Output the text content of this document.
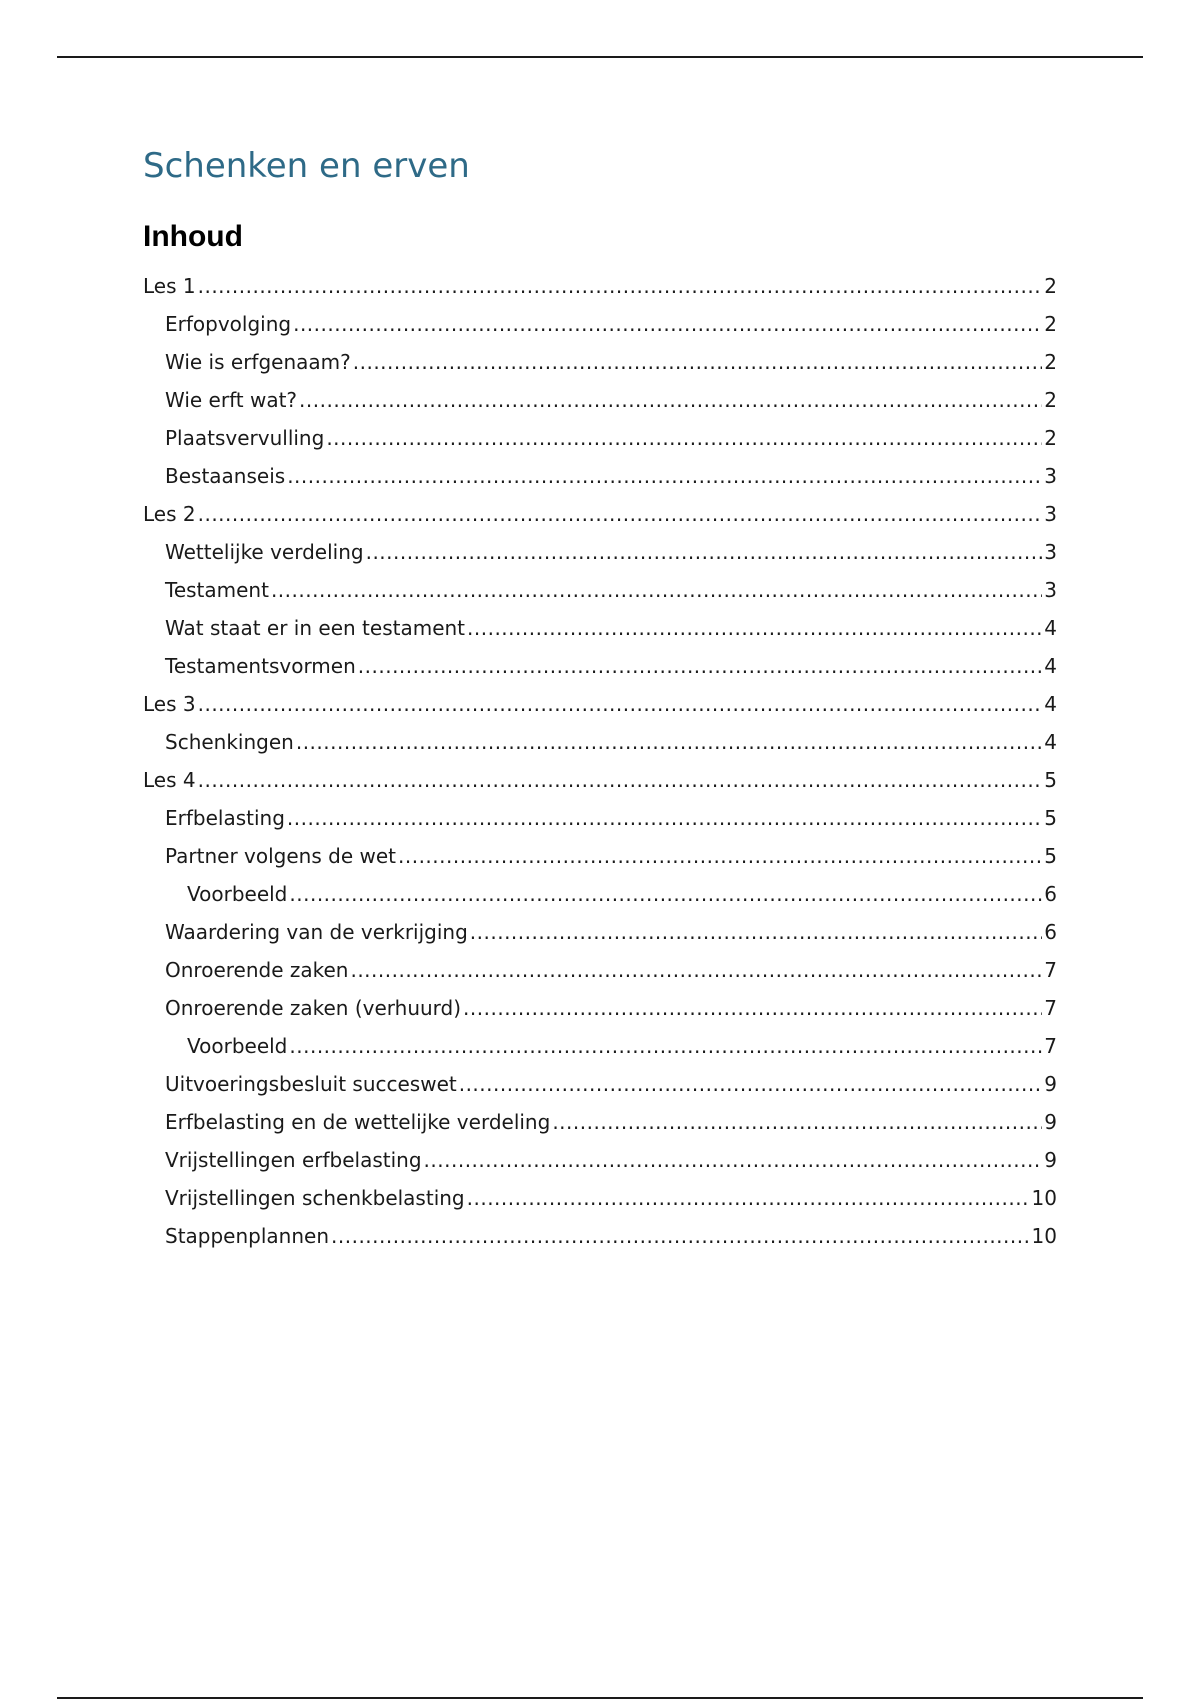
Schenken en erven
Inhoud
Les 1 .....	2
Erfopvolging .....	2
Wie is erfgenaam? .....	2
Wie erft wat? .....	2
Plaatsvervulling .....	2
Bestaanseis .....	3
Les 2 .....	3
Wettelijke verdeling .....	3
Testament .....	3
Wat staat er in een testament .....	4
Testamentsvormen .....	4
Les 3 .....	4
Schenkingen .....	4
Les 4 .....	5
Erfbelasting .....	5
Partner volgens de wet .....	5
Voorbeeld .....	6
Waardering van de verkrijging .....	6
Onroerende zaken .....	7
Onroerende zaken (verhuurd) .....	7
Voorbeeld .....	7
Uitvoeringsbesluit succeswet .....	9
Erfbelasting en de wettelijke verdeling .....	9
Vrijstellingen erfbelasting .....	9
Vrijstellingen schenkbelasting .....	10
Stappenplannen .....	10
